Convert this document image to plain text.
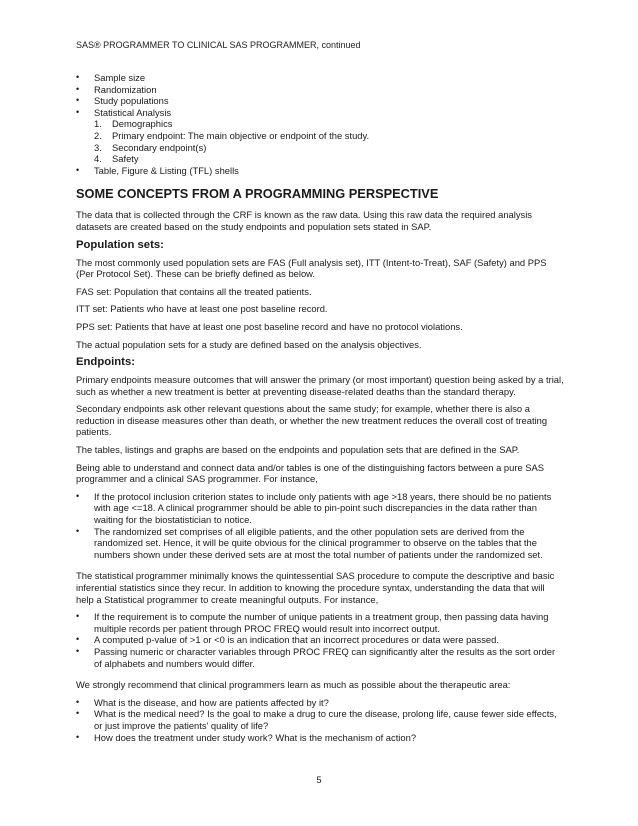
SAS® PROGRAMMER TO CLINICAL SAS PROGRAMMER, continued
• Sample size
• Randomization
• Study populations
• Statistical Analysis
1. Demographics
2. Primary endpoint: The main objective or endpoint of the study.
3. Secondary endpoint(s)
4. Safety
• Table, Figure & Listing (TFL) shells
SOME CONCEPTS FROM A PROGRAMMING PERSPECTIVE

The data that is collected through the CRF is known as the raw data. Using this raw data the required analysis datasets are created based on the study endpoints and population sets stated in SAP.

Population sets:

The most commonly used population sets are FAS (Full analysis set), ITT (Intent-to-Treat), SAF (Safety) and PPS (Per Protocol Set). These can be briefly defined as below.

FAS set: Population that contains all the treated patients.

ITT set: Patients who have at least one post baseline record.

PPS set: Patients that have at least one post baseline record and have no protocol violations.

The actual population sets for a study are defined based on the analysis objectives.

Endpoints:

Primary endpoints measure outcomes that will answer the primary (or most important) question being asked by a trial, such as whether a new treatment is better at preventing disease-related deaths than the standard therapy.

Secondary endpoints ask other relevant questions about the same study; for example, whether there is also a reduction in disease measures other than death, or whether the new treatment reduces the overall cost of treating patients.

The tables, listings and graphs are based on the endpoints and population sets that are defined in the SAP.

Being able to understand and connect data and/or tables is one of the distinguishing factors between a pure SAS programmer and a clinical SAS programmer. For instance,

• If the protocol inclusion criterion states to include only patients with age >18 years, there should be no patients with age <=18. A clinical programmer should be able to pin-point such discrepancies in the data rather than waiting for the biostatistician to notice.
• The randomized set comprises of all eligible patients, and the other population sets are derived from the randomized set. Hence, it will be quite obvious for the clinical programmer to observe on the tables that the numbers shown under these derived sets are at most the total number of patients under the randomized set.

The statistical programmer minimally knows the quintessential SAS procedure to compute the descriptive and basic inferential statistics since they recur. In addition to knowing the procedure syntax, understanding the data that will help a Statistical programmer to create meaningful outputs. For instance,

• If the requirement is to compute the number of unique patients in a treatment group, then passing data having multiple records per patient through PROC FREQ would result into incorrect output.
• A computed p-value of >1 or <0 is an indication that an incorrect procedures or data were passed.
• Passing numeric or character variables through PROC FREQ can significantly alter the results as the sort order of alphabets and numbers would differ.

We strongly recommend that clinical programmers learn as much as possible about the therapeutic area:

• What is the disease, and how are patients affected by it?
• What is the medical need? Is the goal to make a drug to cure the disease, prolong life, cause fewer side effects, or just improve the patients’ quality of life?
• How does the treatment under study work? What is the mechanism of action?
5
